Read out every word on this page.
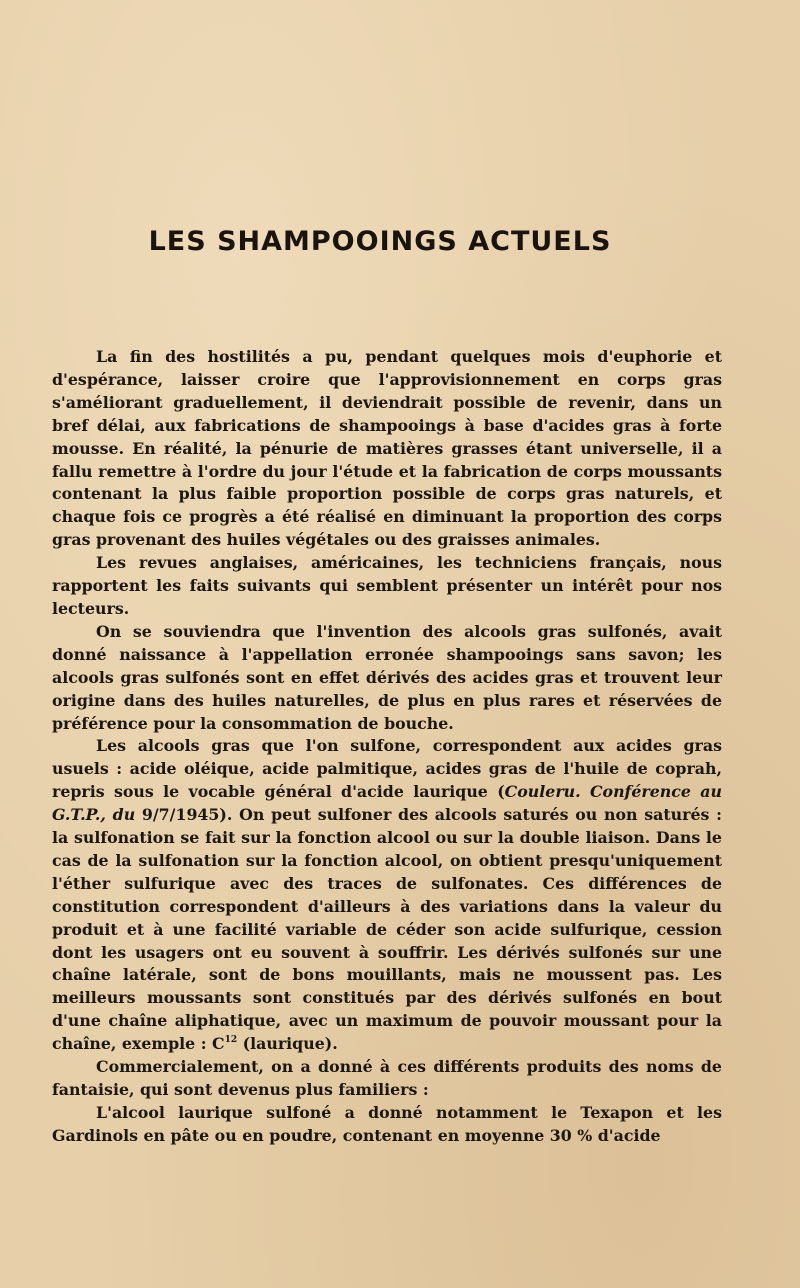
LES SHAMPOOINGS ACTUELS

La fin des hostilités a pu, pendant quelques mois d'euphorie et d'espérance, laisser croire que l'approvisionnement en corps gras s'améliorant graduellement, il deviendrait possible de revenir, dans un bref délai, aux fabrications de shampooings à base d'acides gras à forte mousse. En réalité, la pénurie de matières grasses étant universelle, il a fallu remettre à l'ordre du jour l'étude et la fabrication de corps moussants contenant la plus faible proportion possible de corps gras naturels, et chaque fois ce progrès a été réalisé en diminuant la proportion des corps gras provenant des huiles végétales ou des graisses animales.

Les revues anglaises, américaines, les techniciens français, nous rapportent les faits suivants qui semblent présenter un intérêt pour nos lecteurs.

On se souviendra que l'invention des alcools gras sulfonés, avait donné naissance à l'appellation erronée shampooings sans savon; les alcools gras sulfonés sont en effet dérivés des acides gras et trouvent leur origine dans des huiles naturelles, de plus en plus rares et réservées de préférence pour la consommation de bouche.

Les alcools gras que l'on sulfone, correspondent aux acides gras usuels : acide oléique, acide palmitique, acides gras de l'huile de coprah, repris sous le vocable général d'acide laurique (Couleru. Conférence au G.T.P., du 9/7/1945). On peut sulfoner des alcools saturés ou non saturés : la sulfonation se fait sur la fonction alcool ou sur la double liaison. Dans le cas de la sulfonation sur la fonction alcool, on obtient presqu'uniquement l'éther sulfurique avec des traces de sulfonates. Ces différences de constitution correspondent d'ailleurs à des variations dans la valeur du produit et à une facilité variable de céder son acide sulfurique, cession dont les usagers ont eu souvent à souffrir. Les dérivés sulfonés sur une chaîne latérale, sont de bons mouillants, mais ne moussent pas. Les meilleurs moussants sont constitués par des dérivés sulfonés en bout d'une chaîne aliphatique, avec un maximum de pouvoir moussant pour la chaîne, exemple : $C^{12}$ (laurique).

Commercialement, on a donné à ces différents produits des noms de fantaisie, qui sont devenus plus familiers :

L'alcool laurique sulfoné a donné notamment le Texapon et les Gardinols en pâte ou en poudre, contenant en moyenne 30 % d'acide
